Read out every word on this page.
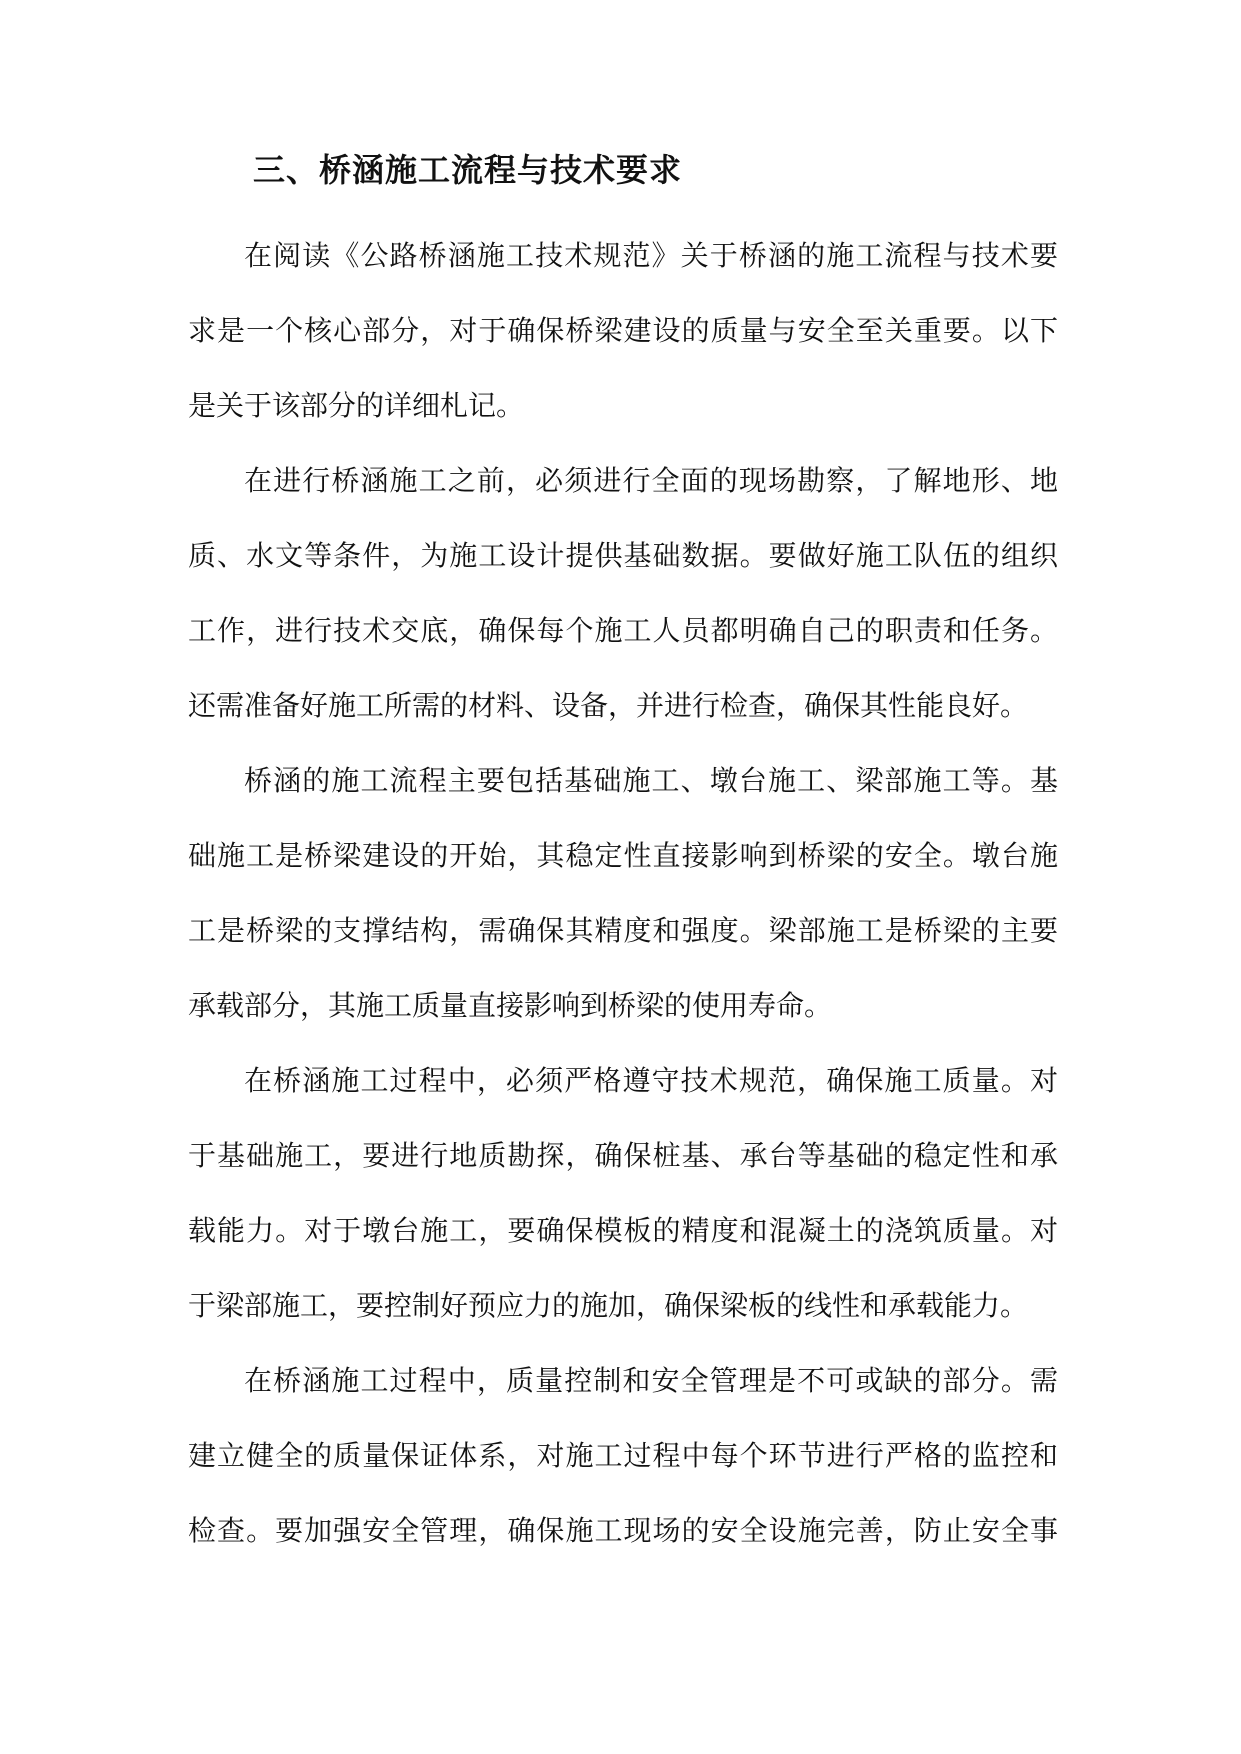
三、桥涵施工流程与技术要求
在阅读《公路桥涵施工技术规范》关于桥涵的施工流程与技术要
求是一个核心部分，对于确保桥梁建设的质量与安全至关重要。以下
是关于该部分的详细札记。
在进行桥涵施工之前，必须进行全面的现场勘察，了解地形、地
质、水文等条件，为施工设计提供基础数据。要做好施工队伍的组织
工作，进行技术交底，确保每个施工人员都明确自己的职责和任务。
还需准备好施工所需的材料、设备，并进行检查，确保其性能良好。
桥涵的施工流程主要包括基础施工、墩台施工、梁部施工等。基
础施工是桥梁建设的开始，其稳定性直接影响到桥梁的安全。墩台施
工是桥梁的支撑结构，需确保其精度和强度。梁部施工是桥梁的主要
承载部分，其施工质量直接影响到桥梁的使用寿命。
在桥涵施工过程中，必须严格遵守技术规范，确保施工质量。对
于基础施工，要进行地质勘探，确保桩基、承台等基础的稳定性和承
载能力。对于墩台施工，要确保模板的精度和混凝土的浇筑质量。对
于梁部施工，要控制好预应力的施加，确保梁板的线性和承载能力。
在桥涵施工过程中，质量控制和安全管理是不可或缺的部分。需
建立健全的质量保证体系，对施工过程中每个环节进行严格的监控和
检查。要加强安全管理，确保施工现场的安全设施完善，防止安全事
